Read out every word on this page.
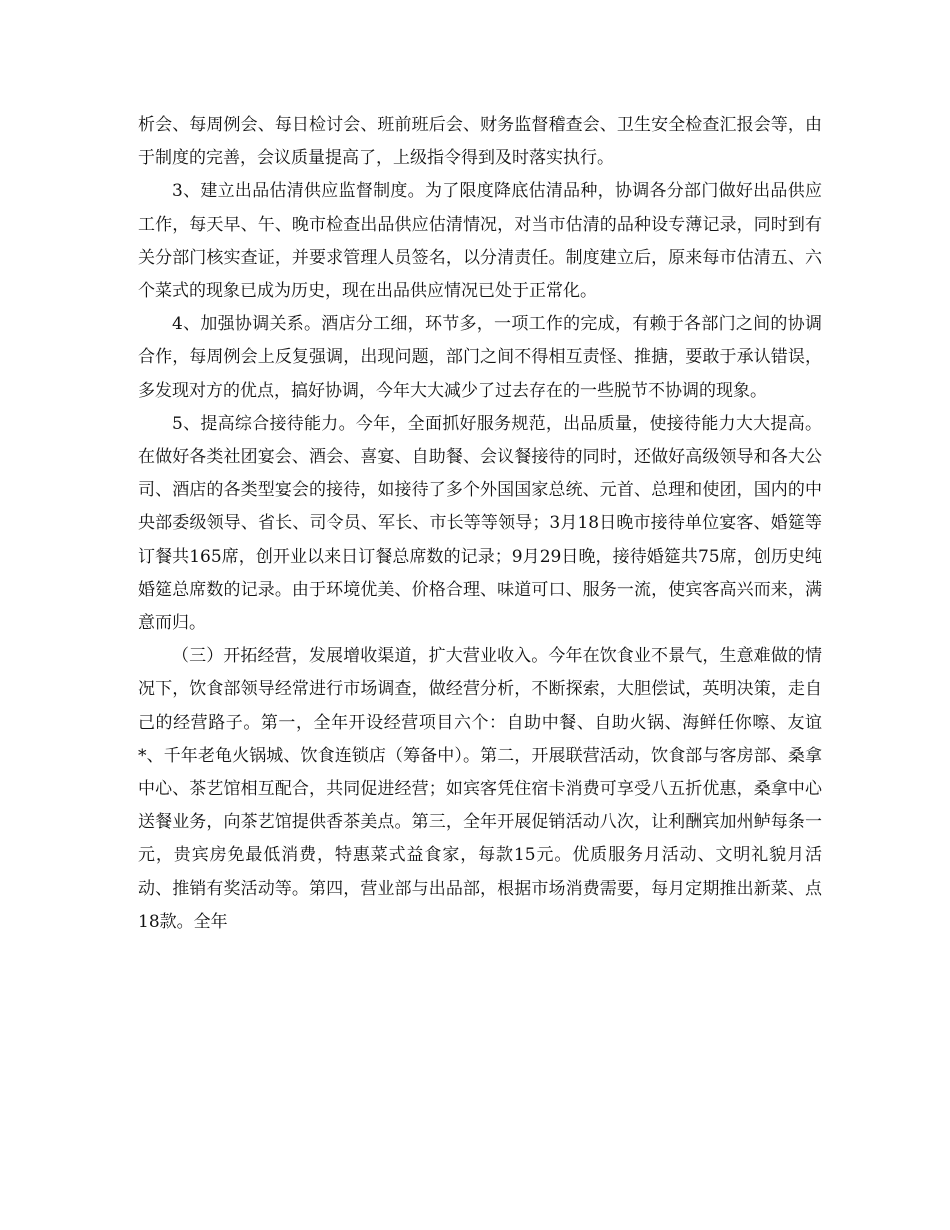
析会、每周例会、每日检讨会、班前班后会、财务监督稽查会、卫生安全检查汇报会等，由于制度的完善，会议质量提高了，上级指令得到及时落实执行。

3、建立出品估清供应监督制度。为了限度降底估清品种，协调各分部门做好出品供应工作，每天早、午、晚市检查出品供应估清情况，对当市估清的品种设专薄记录，同时到有关分部门核实查证，并要求管理人员签名，以分清责任。制度建立后，原来每市估清五、六个菜式的现象已成为历史，现在出品供应情况已处于正常化。

4、加强协调关系。酒店分工细，环节多，一项工作的完成，有赖于各部门之间的协调合作，每周例会上反复强调，出现问题，部门之间不得相互责怪、推搪，要敢于承认错误，多发现对方的优点，搞好协调，今年大大减少了过去存在的一些脱节不协调的现象。

5、提高综合接待能力。今年，全面抓好服务规范，出品质量，使接待能力大大提高。在做好各类社团宴会、酒会、喜宴、自助餐、会议餐接待的同时，还做好高级领导和各大公司、酒店的各类型宴会的接待，如接待了多个外国国家总统、元首、总理和使团，国内的中央部委级领导、省长、司令员、军长、市长等等领导；3月18日晚市接待单位宴客、婚筵等订餐共165席，创开业以来日订餐总席数的记录；9月29日晚，接待婚筵共75席，创历史纯婚筵总席数的记录。由于环境优美、价格合理、味道可口、服务一流，使宾客高兴而来，满意而归。

（三）开拓经营，发展增收渠道，扩大营业收入。今年在饮食业不景气，生意难做的情况下，饮食部领导经常进行市场调查，做经营分析，不断探索，大胆偿试，英明决策，走自己的经营路子。第一，全年开设经营项目六个：自助中餐、自助火锅、海鲜任你嚓、友谊*、千年老龟火锅城、饮食连锁店（筹备中）。第二，开展联营活动，饮食部与客房部、桑拿中心、茶艺馆相互配合，共同促进经营；如宾客凭住宿卡消费可享受八五折优惠，桑拿中心送餐业务，向茶艺馆提供香茶美点。第三，全年开展促销活动八次，让利酬宾加州鲈每条一元，贵宾房免最低消费，特惠菜式益食家，每款15元。优质服务月活动、文明礼貌月活动、推销有奖活动等。第四，营业部与出品部，根据市场消费需要，每月定期推出新菜、点18款。全年
